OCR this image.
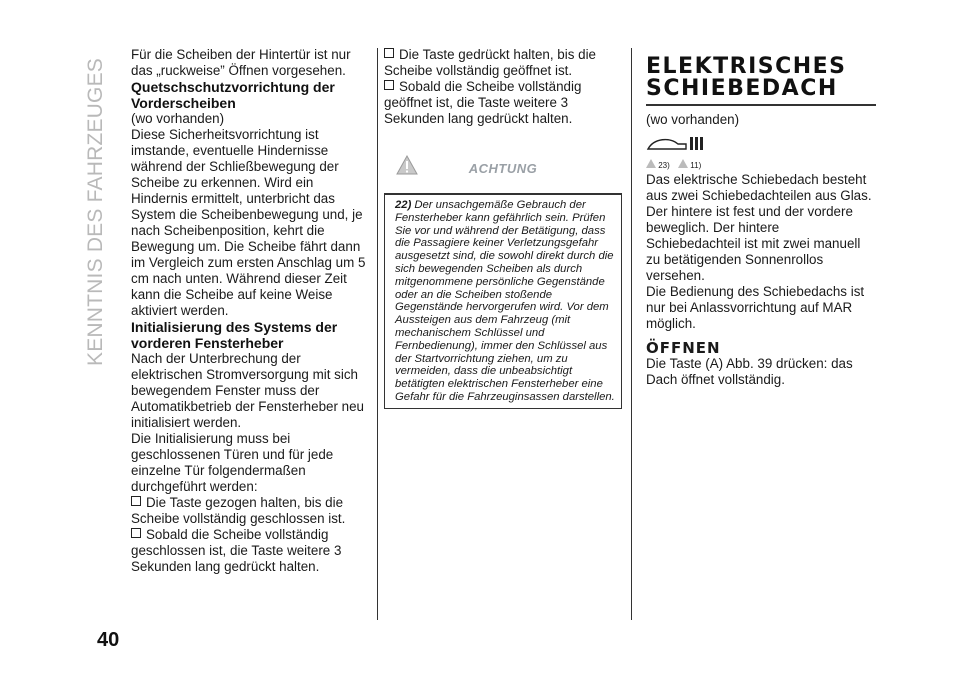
KENNTNIS DES FAHRZEUGES
40

Für die Scheiben der Hintertür ist nur das „ruckweise” Öffnen vorgesehen.

Quetschschutzvorrichtung der Vorderscheiben

(wo vorhanden)

Diese Sicherheitsvorrichtung ist imstande, eventuelle Hindernisse während der Schließbewegung der Scheibe zu erkennen. Wird ein Hindernis ermittelt, unterbricht das System die Scheibenbewegung und, je nach Scheibenposition, kehrt die Bewegung um. Die Scheibe fährt dann im Vergleich zum ersten Anschlag um 5 cm nach unten. Während dieser Zeit kann die Scheibe auf keine Weise aktiviert werden.

Initialisierung des Systems der vorderen Fensterheber

Nach der Unterbrechung der elektrischen Stromversorgung mit sich bewegendem Fenster muss der Automatikbetrieb der Fensterheber neu initialisiert werden.

Die Initialisierung muss bei geschlossenen Türen und für jede einzelne Tür folgendermaßen durchgeführt werden:

Die Taste gezogen halten, bis die Scheibe vollständig geschlossen ist.

Sobald die Scheibe vollständig geschlossen ist, die Taste weitere 3 Sekunden lang gedrückt halten.

Die Taste gedrückt halten, bis die Scheibe vollständig geöffnet ist.

Sobald die Scheibe vollständig geöffnet ist, die Taste weitere 3 Sekunden lang gedrückt halten.

ACHTUNG
22) Der unsachgemäße Gebrauch der Fensterheber kann gefährlich sein. Prüfen Sie vor und während der Betätigung, dass die Passagiere keiner Verletzungsgefahr ausgesetzt sind, die sowohl direkt durch die sich bewegenden Scheiben als durch mitgenommene persönliche Gegenstände oder an die Scheiben stoßende Gegenstände hervorgerufen wird. Vor dem Aussteigen aus dem Fahrzeug (mit mechanischem Schlüssel und Fernbedienung), immer den Schlüssel aus der Startvorrichtung ziehen, um zu vermeiden, dass die unbeabsichtigt betätigten elektrischen Fensterheber eine Gefahr für die Fahrzeuginsassen darstellen.
ELEKTRISCHES
SCHIEBEDACH

(wo vorhanden)

23)	11)

Das elektrische Schiebedach besteht aus zwei Schiebedachteilen aus Glas. Der hintere ist fest und der vordere beweglich. Der hintere Schiebedachteil ist mit zwei manuell zu betätigenden Sonnenrollos versehen.

Die Bedienung des Schiebedachs ist nur bei Anlassvorrichtung auf MAR möglich.

ÖFFNEN

Die Taste (A) Abb. 39 drücken: das Dach öffnet vollständig.
